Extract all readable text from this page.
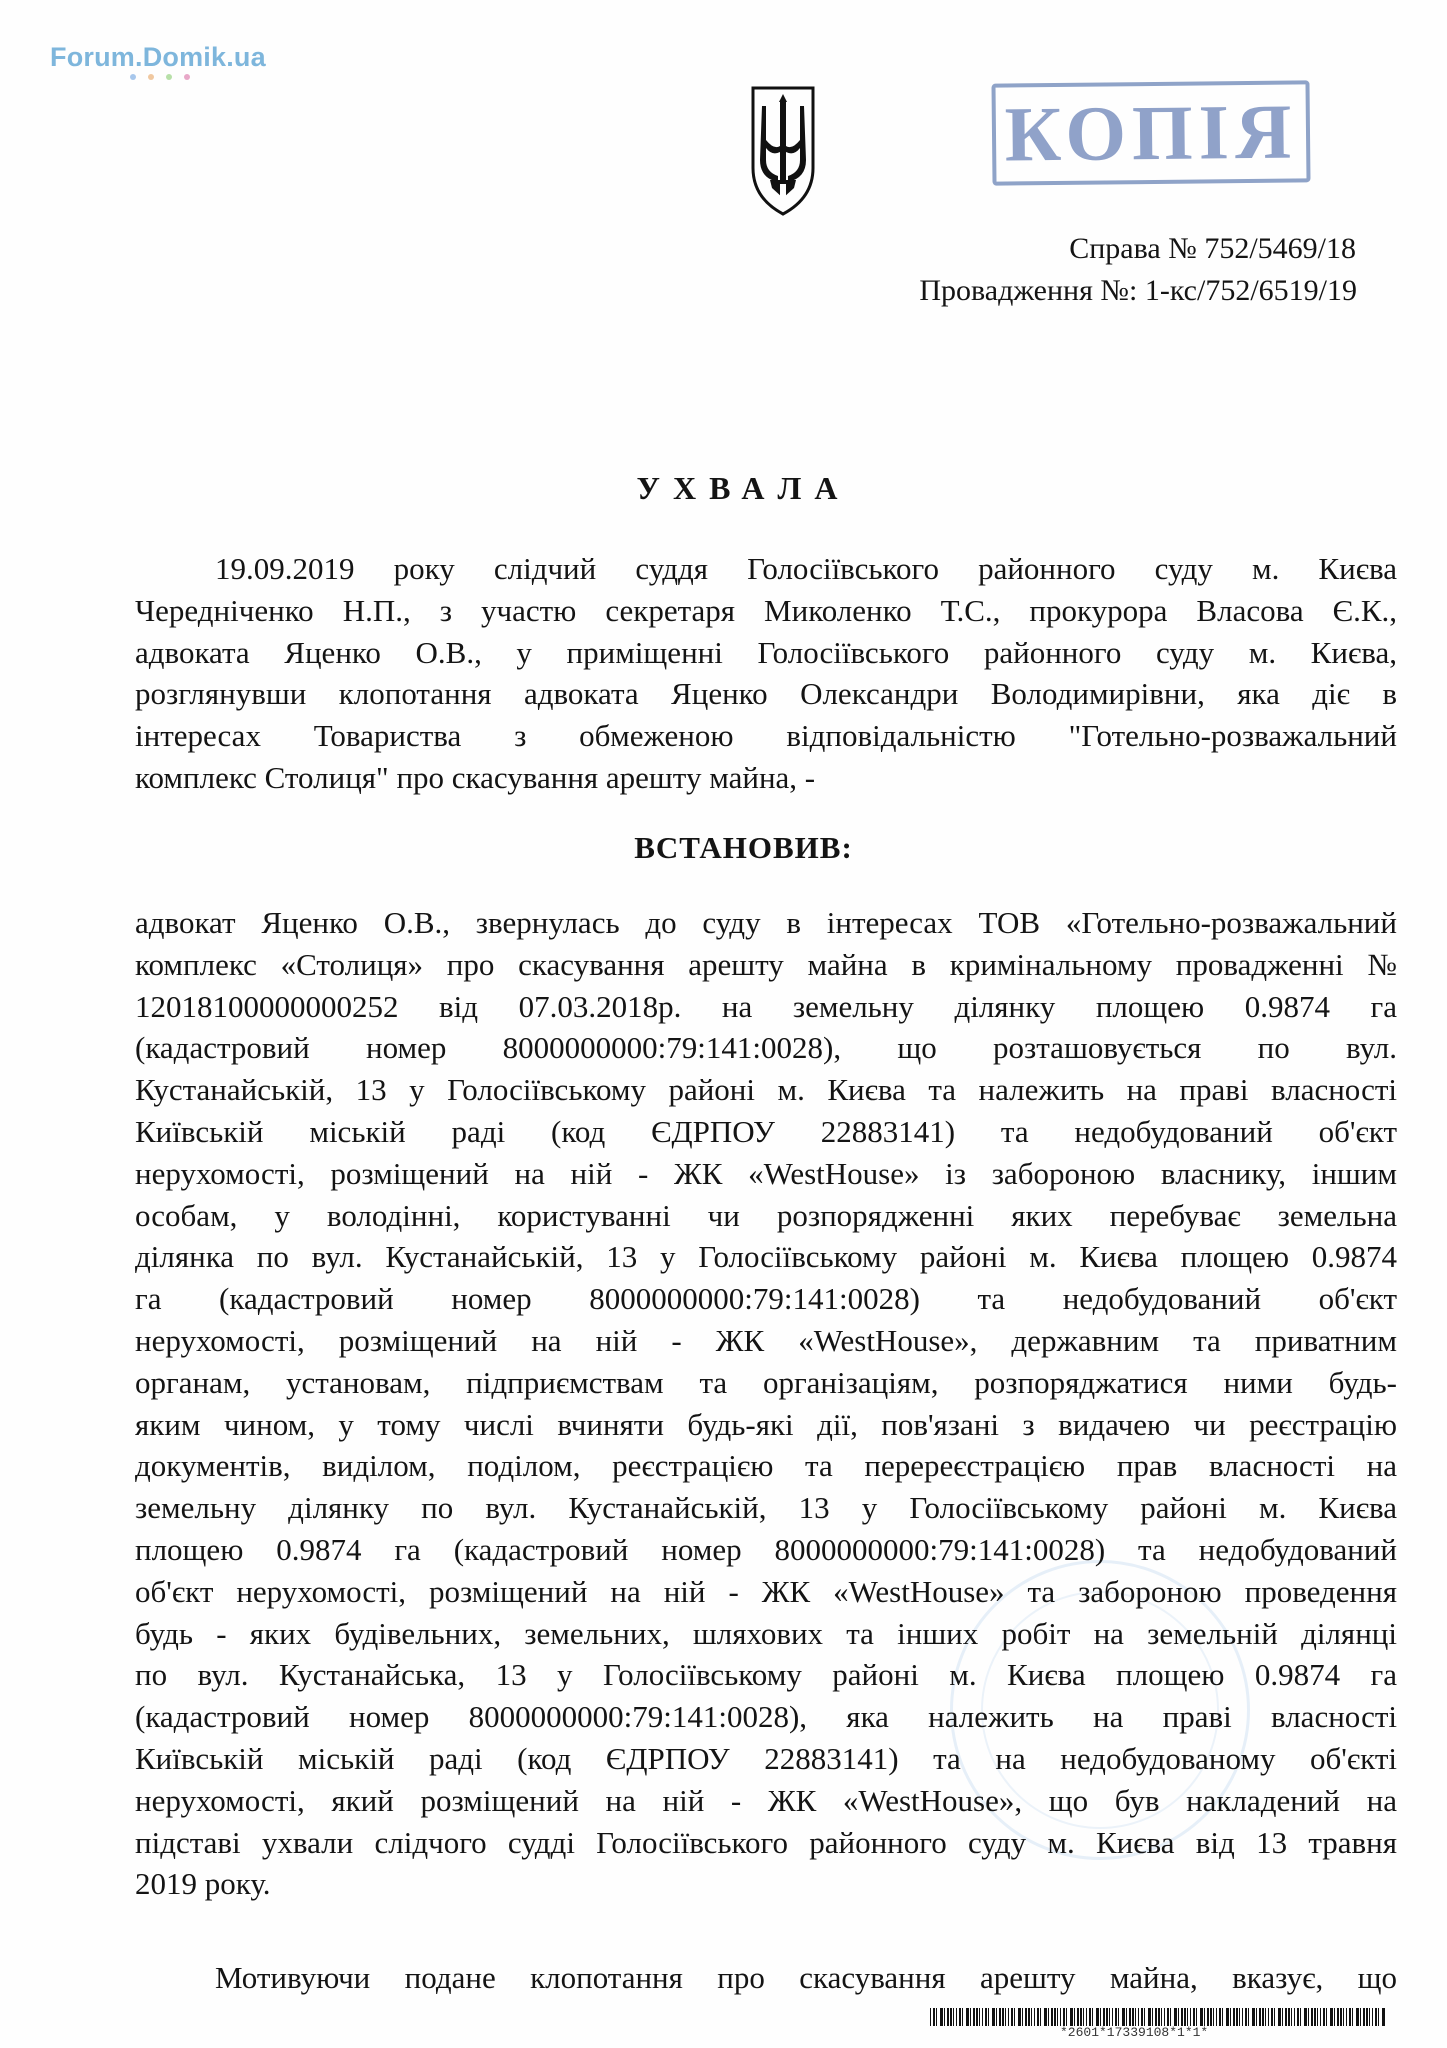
Forum.Domik.ua
КОПІЯ
Справа № 752/5469/18
Провадження №: 1-кс/752/6519/19
УХВАЛА
19.09.2019 року слідчий суддя Голосіївського районного суду м. Києва
Чередніченко Н.П., з участю секретаря Миколенко Т.С., прокурора Власова Є.К.,
адвоката Яценко О.В., у приміщенні Голосіївського районного суду м. Києва,
розглянувши клопотання адвоката Яценко Олександри Володимирівни, яка діє в
інтересах Товариства з обмеженою відповідальністю "Готельно-розважальний
комплекс Столиця" про скасування арешту майна, -
ВСТАНОВИВ:
адвокат Яценко О.В., звернулась до суду в інтересах ТОВ «Готельно-розважальний
комплекс «Столиця» про скасування арешту майна в кримінальному провадженні №
12018100000000252 від 07.03.2018р. на земельну ділянку площею 0.9874 га
(кадастровий номер 8000000000:79:141:0028), що розташовується по вул.
Кустанайській, 13 у Голосіївському районі м. Києва та належить на праві власності
Київській міській раді (код ЄДРПОУ 22883141) та недобудований об'єкт
нерухомості, розміщений на ній - ЖК «WestHouse» із забороною власнику, іншим
особам, у володінні, користуванні чи розпорядженні яких перебуває земельна
ділянка по вул. Кустанайській, 13 у Голосіївському районі м. Києва площею 0.9874
га (кадастровий номер 8000000000:79:141:0028) та недобудований об'єкт
нерухомості, розміщений на ній - ЖК «WestHouse», державним та приватним
органам, установам, підприємствам та організаціям, розпоряджатися ними будь-
яким чином, у тому числі вчиняти будь-які дії, пов'язані з видачею чи реєстрацію
документів, виділом, поділом, реєстрацією та перереєстрацією прав власності на
земельну ділянку по вул. Кустанайській, 13 у Голосіївському районі м. Києва
площею 0.9874 га (кадастровий номер 8000000000:79:141:0028) та недобудований
об'єкт нерухомості, розміщений на ній - ЖК «WestHouse» та забороною проведення
будь - яких будівельних, земельних, шляхових та інших робіт на земельній ділянці
по вул. Кустанайська, 13 у Голосіївському районі м. Києва площею 0.9874 га
(кадастровий номер 8000000000:79:141:0028), яка належить на праві власності
Київській міській раді (код ЄДРПОУ 22883141) та на недобудованому об'єкті
нерухомості, який розміщений на ній - ЖК «WestHouse», що був накладений на
підставі ухвали слідчого судді Голосіївського районного суду м. Києва від 13 травня
2019 року.
Мотивуючи подане клопотання про скасування арешту майна, вказує, що
*2601*17339108*1*1*
